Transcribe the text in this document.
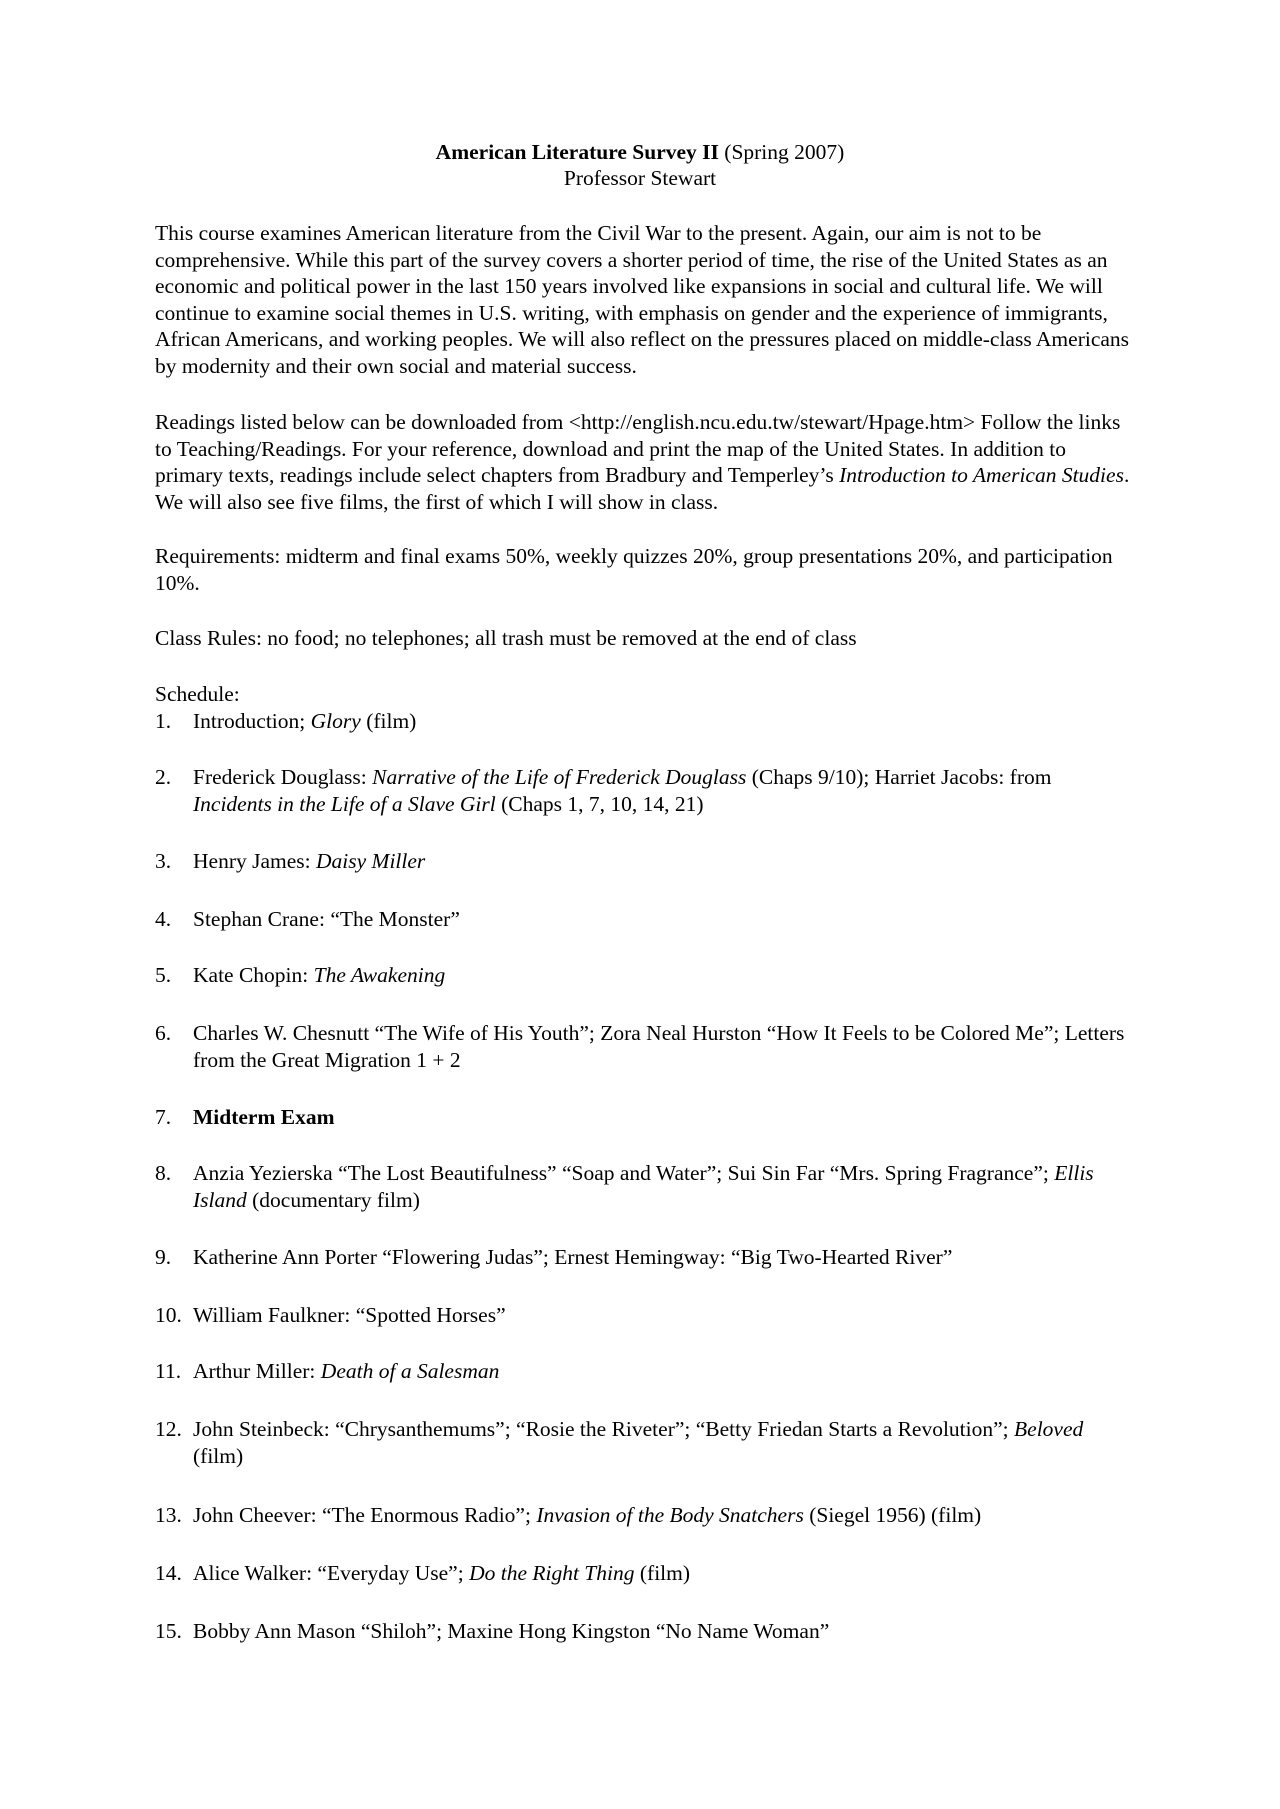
American Literature Survey II (Spring 2007)
Professor Stewart

This course examines American literature from the Civil War to the present. Again, our aim is not to be comprehensive. While this part of the survey covers a shorter period of time, the rise of the United States as an economic and political power in the last 150 years involved like expansions in social and cultural life. We will continue to examine social themes in U.S. writing, with emphasis on gender and the experience of immigrants, African Americans, and working peoples. We will also reflect on the pressures placed on middle-class Americans by modernity and their own social and material success.

Readings listed below can be downloaded from <http://english.ncu.edu.tw/stewart/Hpage.htm> Follow the links to Teaching/Readings. For your reference, download and print the map of the United States. In addition to primary texts, readings include select chapters from Bradbury and Temperley’s Introduction to American Studies. We will also see five films, the first of which I will show in class.

Requirements: midterm and final exams 50%, weekly quizzes 20%, group presentations 20%, and participation 10%.

Class Rules: no food; no telephones; all trash must be removed at the end of class

Schedule:
1. Introduction; Glory (film)
2. Frederick Douglass: Narrative of the Life of Frederick Douglass (Chaps 9/10); Harriet Jacobs: from Incidents in the Life of a Slave Girl (Chaps 1, 7, 10, 14, 21)
3. Henry James: Daisy Miller
4. Stephan Crane: “The Monster”
5. Kate Chopin: The Awakening
6. Charles W. Chesnutt “The Wife of His Youth”; Zora Neal Hurston “How It Feels to be Colored Me”; Letters from the Great Migration 1 + 2
7. Midterm Exam
8. Anzia Yezierska “The Lost Beautifulness” “Soap and Water”; Sui Sin Far “Mrs. Spring Fragrance”; Ellis Island (documentary film)
9. Katherine Ann Porter “Flowering Judas”; Ernest Hemingway: “Big Two-Hearted River”
10. William Faulkner: “Spotted Horses”
11. Arthur Miller: Death of a Salesman
12. John Steinbeck: “Chrysanthemums”; “Rosie the Riveter”; “Betty Friedan Starts a Revolution”; Beloved (film)
13. John Cheever: “The Enormous Radio”; Invasion of the Body Snatchers (Siegel 1956) (film)
14. Alice Walker: “Everyday Use”; Do the Right Thing (film)
15. Bobby Ann Mason “Shiloh”; Maxine Hong Kingston “No Name Woman”
